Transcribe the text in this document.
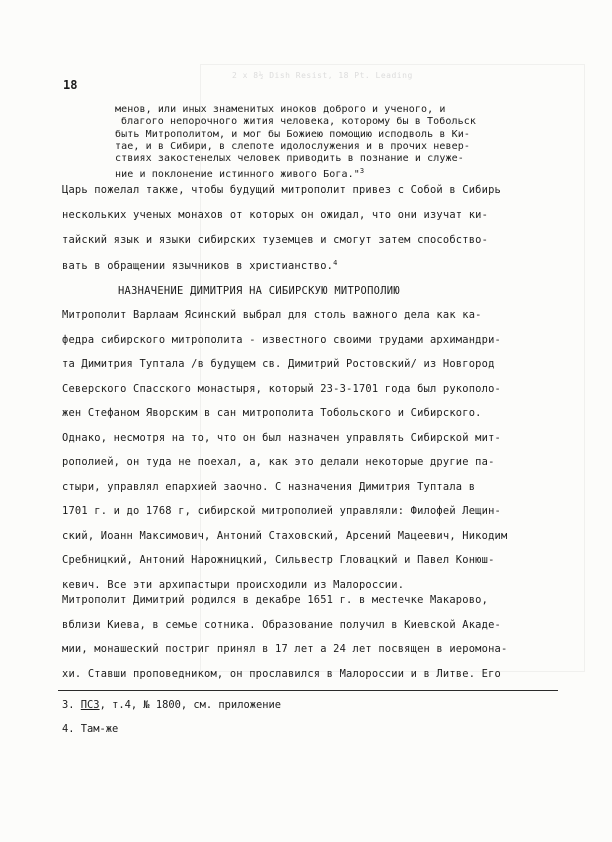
2 x 8½ Dish Resist, 18 Pt. Leading
18
менов, или иных знаменитых иноков доброго и ученого, и
благого непорочного жития человека, которому бы в Тобольск
быть Митрополитом, и мог бы Божиею помощию исподволь в Ки-
тае, и в Сибири, в слепоте идолослужения и в прочих невер-
ствиях закостенелых человек приводить в познание и служе-
ние и поклонение истинного живого Бога."$^3$
Царь пожелал также, чтобы будущий митрополит привез с Собой в Сибирь
нескольких ученых монахов от которых он ожидал, что они изучат ки-
тайский язык и языки сибирских туземцев и смогут затем способство-
вать в обращении язычников в христианство.$^4$
НАЗНАЧЕНИЕ ДИМИТРИЯ НА СИБИРСКУЮ МИТРОПОЛИЮ
Митрополит Варлаам Ясинский выбрал для столь важного дела как ка-
федра сибирского митрополита - известного своими трудами архимандри-
та Димитрия Туптала /в будущем св. Димитрий Ростовский/ из Новгород
Северского Спасского монастыря, который 23-3-1701 года был рукополо-
жен Стефаном Яворским в сан митрополита Тобольского и Сибирского.
Однако, несмотря на то, что он был назначен управлять Сибирской мит-
рополией, он туда не поехал, а, как это делали некоторые другие па-
стыри, управлял епархией заочно. С назначения Димитрия Туптала в
1701 г. и до 1768 г, сибирской митрополией управляли: Филофей Лещин-
ский, Иоанн Максимович, Антоний Стаховский, Арсений Мацеевич, Никодим
Сребницкий, Антоний Нарожницкий, Сильвестр Гловацкий и Павел Конюш-
кевич. Все эти архипастыри происходили из Малороссии.
Митрополит Димитрий родился в декабре 1651 г. в местечке Макарово,
вблизи Киева, в семье сотника. Образование получил в Киевской Акаде-
мии, монашеский постриг принял в 17 лет а 24 лет посвящен в иеромона-
хи. Ставши проповедником, он прославился в Малороссии и в Литве. Его
3. ПСЗ, т.4, № 1800, см. приложение
4. Там-же
